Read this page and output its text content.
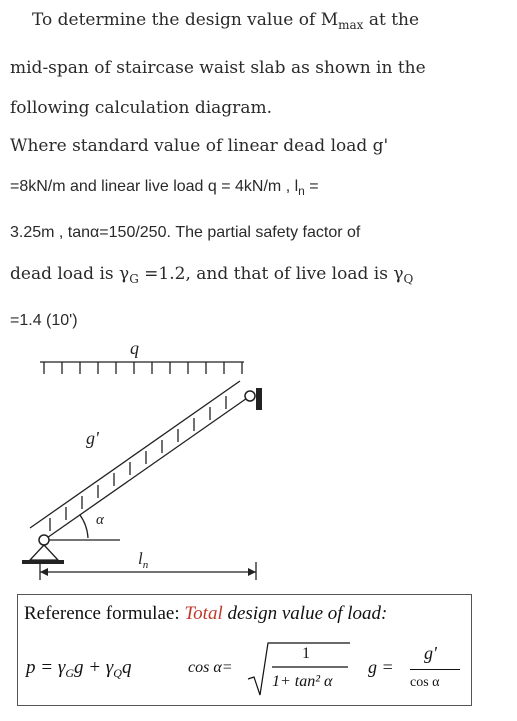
To determine the design value of $M_{max}$ at the
mid-span of staircase waist slab as shown in the
following calculation diagram.
Where standard value of linear dead load g'
=8kN/m and linear live load q = 4kN/m , $l_n$ =
3.25m , tanα=150/250. The partial safety factor of
dead load is $\gamma_G =1.2$, and that of live load is $\gamma_Q$
=1.4 (10')
q
g'
α
$l_n$
Reference formulae: Total design value of load:
$p = \gamma_Gg + \gamma_Qq$	cos α=
1
1+ tan² α
g =
g'
cos α
